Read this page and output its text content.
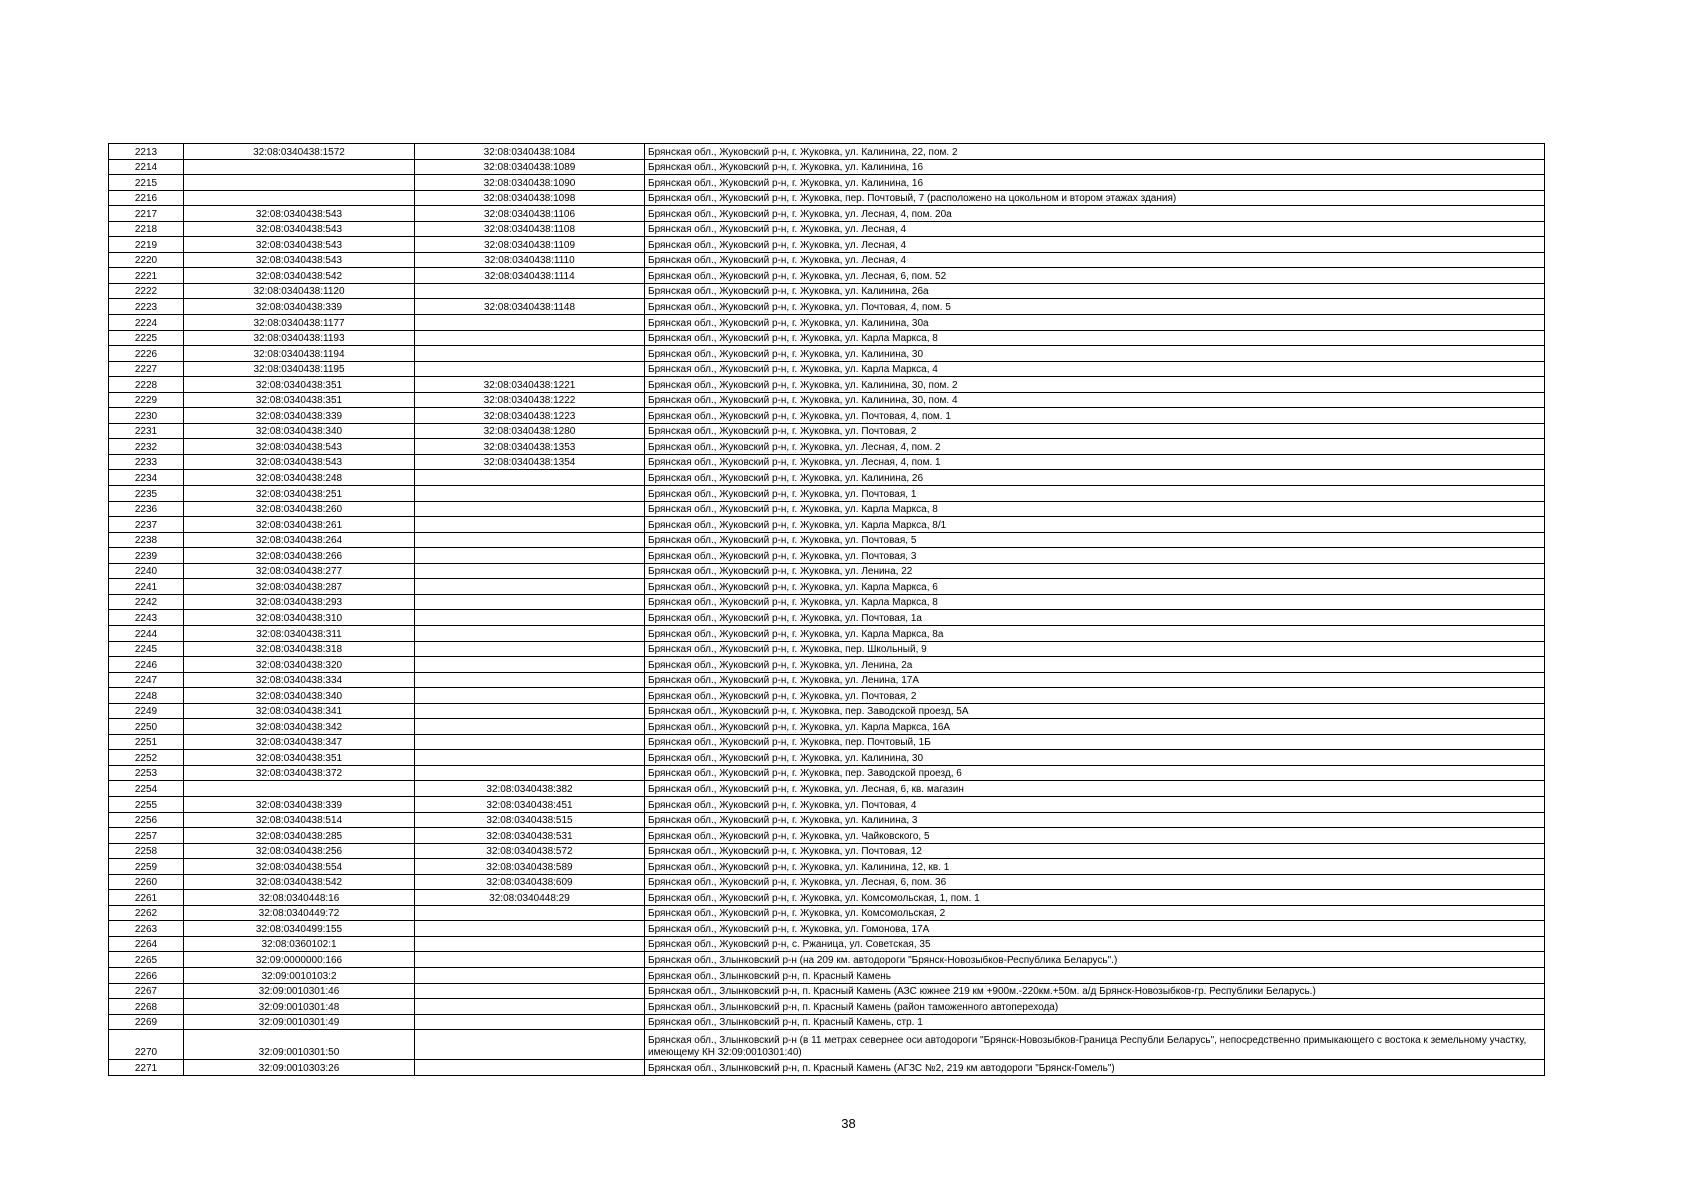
2213	32:08:0340438:1572	32:08:0340438:1084	Брянская обл., Жуковский р-н, г. Жуковка, ул. Калинина, 22, пом. 2
2214		32:08:0340438:1089	Брянская обл., Жуковский р-н, г. Жуковка, ул. Калинина, 16
2215		32:08:0340438:1090	Брянская обл., Жуковский р-н, г. Жуковка, ул. Калинина, 16
2216		32:08:0340438:1098	Брянская обл., Жуковский р-н, г. Жуковка, пер. Почтовый, 7 (расположено на цокольном и втором этажах здания)
2217	32:08:0340438:543	32:08:0340438:1106	Брянская обл., Жуковский р-н, г. Жуковка, ул. Лесная, 4, пом. 20а
2218	32:08:0340438:543	32:08:0340438:1108	Брянская обл., Жуковский р-н, г. Жуковка, ул. Лесная, 4
2219	32:08:0340438:543	32:08:0340438:1109	Брянская обл., Жуковский р-н, г. Жуковка, ул. Лесная, 4
2220	32:08:0340438:543	32:08:0340438:1110	Брянская обл., Жуковский р-н, г. Жуковка, ул. Лесная, 4
2221	32:08:0340438:542	32:08:0340438:1114	Брянская обл., Жуковский р-н, г. Жуковка, ул. Лесная, 6, пом. 52
2222	32:08:0340438:1120		Брянская обл., Жуковский р-н, г. Жуковка, ул. Калинина, 26а
2223	32:08:0340438:339	32:08:0340438:1148	Брянская обл., Жуковский р-н, г. Жуковка, ул. Почтовая, 4, пом. 5
2224	32:08:0340438:1177		Брянская обл., Жуковский р-н, г. Жуковка, ул. Калинина, 30а
2225	32:08:0340438:1193		Брянская обл., Жуковский р-н, г. Жуковка, ул. Карла Маркса, 8
2226	32:08:0340438:1194		Брянская обл., Жуковский р-н, г. Жуковка, ул. Калинина, 30
2227	32:08:0340438:1195		Брянская обл., Жуковский р-н, г. Жуковка, ул. Карла Маркса, 4
2228	32:08:0340438:351	32:08:0340438:1221	Брянская обл., Жуковский р-н, г. Жуковка, ул. Калинина, 30, пом. 2
2229	32:08:0340438:351	32:08:0340438:1222	Брянская обл., Жуковский р-н, г. Жуковка, ул. Калинина, 30, пом. 4
2230	32:08:0340438:339	32:08:0340438:1223	Брянская обл., Жуковский р-н, г. Жуковка, ул. Почтовая, 4, пом. 1
2231	32:08:0340438:340	32:08:0340438:1280	Брянская обл., Жуковский р-н, г. Жуковка, ул. Почтовая, 2
2232	32:08:0340438:543	32:08:0340438:1353	Брянская обл., Жуковский р-н, г. Жуковка, ул. Лесная, 4, пом. 2
2233	32:08:0340438:543	32:08:0340438:1354	Брянская обл., Жуковский р-н, г. Жуковка, ул. Лесная, 4, пом. 1
2234	32:08:0340438:248		Брянская обл., Жуковский р-н, г. Жуковка, ул. Калинина, 26
2235	32:08:0340438:251		Брянская обл., Жуковский р-н, г. Жуковка, ул. Почтовая, 1
2236	32:08:0340438:260		Брянская обл., Жуковский р-н, г. Жуковка, ул. Карла Маркса, 8
2237	32:08:0340438:261		Брянская обл., Жуковский р-н, г. Жуковка, ул. Карла Маркса, 8/1
2238	32:08:0340438:264		Брянская обл., Жуковский р-н, г. Жуковка, ул. Почтовая, 5
2239	32:08:0340438:266		Брянская обл., Жуковский р-н, г. Жуковка, ул. Почтовая, 3
2240	32:08:0340438:277		Брянская обл., Жуковский р-н, г. Жуковка, ул. Ленина, 22
2241	32:08:0340438:287		Брянская обл., Жуковский р-н, г. Жуковка, ул. Карла Маркса, 6
2242	32:08:0340438:293		Брянская обл., Жуковский р-н, г. Жуковка, ул. Карла Маркса, 8
2243	32:08:0340438:310		Брянская обл., Жуковский р-н, г. Жуковка, ул. Почтовая, 1а
2244	32:08:0340438:311		Брянская обл., Жуковский р-н, г. Жуковка, ул. Карла Маркса, 8а
2245	32:08:0340438:318		Брянская обл., Жуковский р-н, г. Жуковка, пер. Школьный, 9
2246	32:08:0340438:320		Брянская обл., Жуковский р-н, г. Жуковка, ул. Ленина, 2а
2247	32:08:0340438:334		Брянская обл., Жуковский р-н, г. Жуковка, ул. Ленина, 17А
2248	32:08:0340438:340		Брянская обл., Жуковский р-н, г. Жуковка, ул. Почтовая, 2
2249	32:08:0340438:341		Брянская обл., Жуковский р-н, г. Жуковка, пер. Заводской проезд, 5А
2250	32:08:0340438:342		Брянская обл., Жуковский р-н, г. Жуковка, ул. Карла Маркса, 16А
2251	32:08:0340438:347		Брянская обл., Жуковский р-н, г. Жуковка, пер. Почтовый, 1Б
2252	32:08:0340438:351		Брянская обл., Жуковский р-н, г. Жуковка, ул. Калинина, 30
2253	32:08:0340438:372		Брянская обл., Жуковский р-н, г. Жуковка, пер. Заводской проезд, 6
2254		32:08:0340438:382	Брянская обл., Жуковский р-н, г. Жуковка, ул. Лесная, 6, кв. магазин
2255	32:08:0340438:339	32:08:0340438:451	Брянская обл., Жуковский р-н, г. Жуковка, ул. Почтовая, 4
2256	32:08:0340438:514	32:08:0340438:515	Брянская обл., Жуковский р-н, г. Жуковка, ул. Калинина, 3
2257	32:08:0340438:285	32:08:0340438:531	Брянская обл., Жуковский р-н, г. Жуковка, ул. Чайковского, 5
2258	32:08:0340438:256	32:08:0340438:572	Брянская обл., Жуковский р-н, г. Жуковка, ул. Почтовая, 12
2259	32:08:0340438:554	32:08:0340438:589	Брянская обл., Жуковский р-н, г. Жуковка, ул. Калинина, 12, кв. 1
2260	32:08:0340438:542	32:08:0340438:609	Брянская обл., Жуковский р-н, г. Жуковка, ул. Лесная, 6, пом. 36
2261	32:08:0340448:16	32:08:0340448:29	Брянская обл., Жуковский р-н, г. Жуковка, ул. Комсомольская, 1, пом. 1
2262	32:08:0340449:72		Брянская обл., Жуковский р-н, г. Жуковка, ул. Комсомольская, 2
2263	32:08:0340499:155		Брянская обл., Жуковский р-н, г. Жуковка, ул. Гомонова, 17А
2264	32:08:0360102:1		Брянская обл., Жуковский р-н, с. Ржаница, ул. Советская, 35
2265	32:09:0000000:166		Брянская обл., Злынковский р-н (на 209 км. автодороги "Брянск-Новозыбков-Республика Беларусь".)
2266	32:09:0010103:2		Брянская обл., Злынковский р-н, п. Красный Камень
2267	32:09:0010301:46		Брянская обл., Злынковский р-н, п. Красный Камень (АЗС южнее 219 км +900м.-220км.+50м. а/д Брянск-Новозыбков-гр. Республики Беларусь.)
2268	32:09:0010301:48		Брянская обл., Злынковский р-н, п. Красный Камень (район таможенного автоперехода)
2269	32:09:0010301:49		Брянская обл., Злынковский р-н, п. Красный Камень, стр. 1
2270	32:09:0010301:50		Брянская обл., Злынковский р-н (в 11 метрах севернее оси автодороги "Брянск-Новозыбков-Граница Республи Беларусь", непосредственно примыкающего с востока к земельному участку, имеющему КН 32:09:0010301:40)
2271	32:09:0010303:26		Брянская обл., Злынковский р-н, п. Красный Камень (АГЗС №2, 219 км автодороги "Брянск-Гомель")
38
